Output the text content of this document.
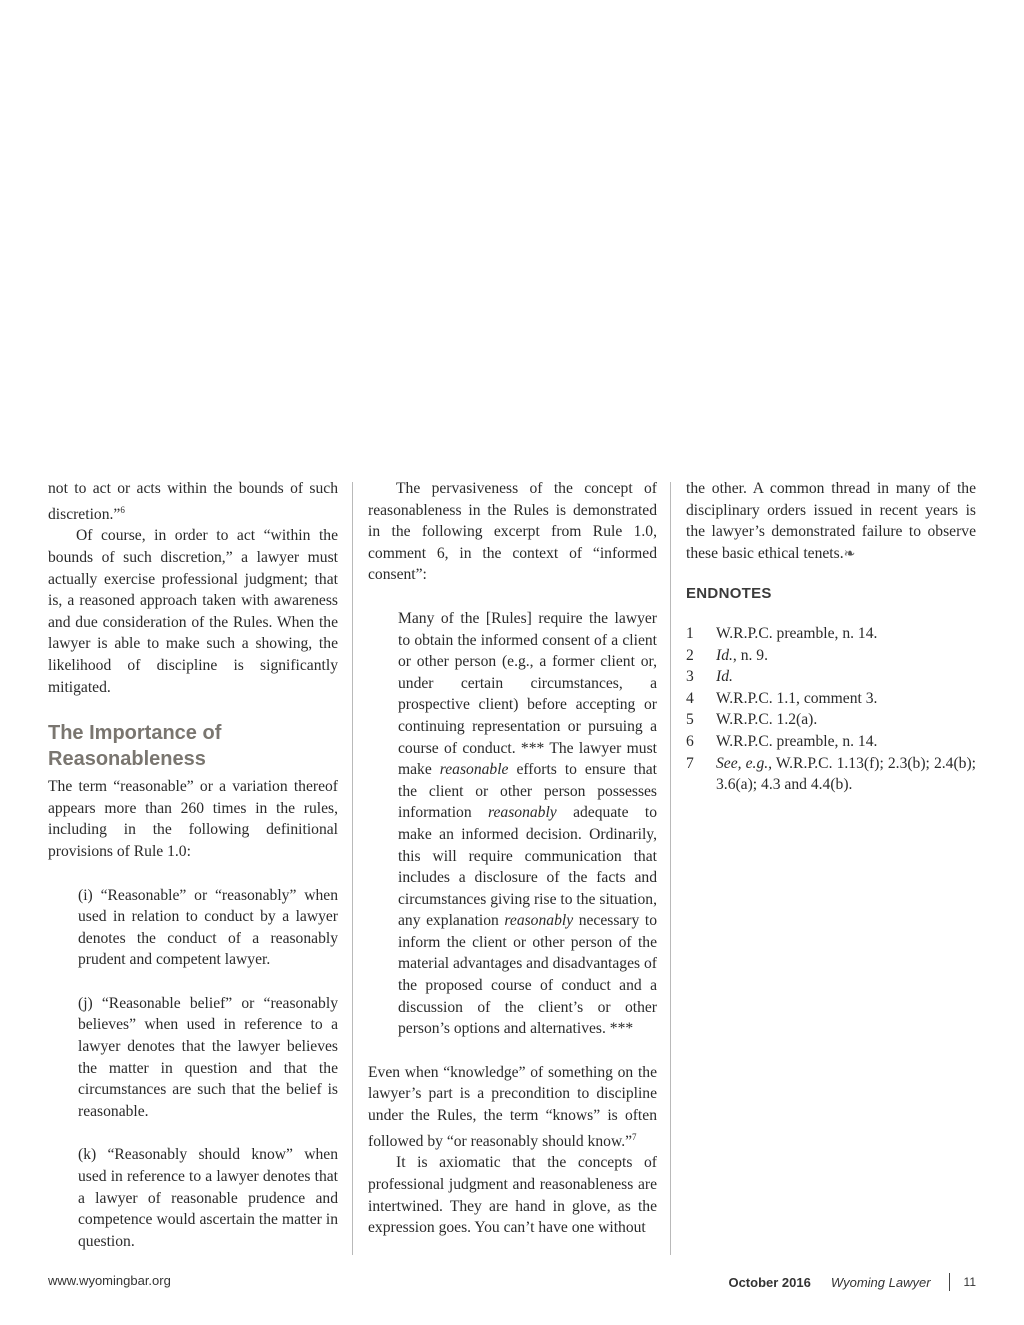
not to act or acts within the bounds of such discretion.”$^6$

Of course, in order to act “within the bounds of such discretion,” a lawyer must actually exercise professional judgment; that is, a reasoned approach taken with awareness and due consideration of the Rules. When the lawyer is able to make such a showing, the likelihood of discipline is significantly mitigated.

The Importance of Reasonableness

The term “reasonable” or a variation thereof appears more than 260 times in the rules, including in the following definitional provisions of Rule 1.0:

(i) “Reasonable” or “reasonably” when used in relation to conduct by a lawyer denotes the conduct of a reasonably prudent and competent lawyer.

(j) “Reasonable belief” or “reasonably believes” when used in reference to a lawyer denotes that the lawyer believes the matter in question and that the circumstances are such that the belief is reasonable.

(k) “Reasonably should know” when used in reference to a lawyer denotes that a lawyer of reasonable prudence and competence would ascertain the matter in question.

The pervasiveness of the concept of reasonableness in the Rules is demonstrated in the following excerpt from Rule 1.0, comment 6, in the context of “informed consent”:

Many of the [Rules] require the lawyer to obtain the informed consent of a client or other person (e.g., a former client or, under certain circumstances, a prospective client) before accepting or continuing representation or pursuing a course of conduct. *** The lawyer must make reasonable efforts to ensure that the client or other person possesses information reasonably adequate to make an informed decision. Ordinarily, this will require communication that includes a disclosure of the facts and circumstances giving rise to the situation, any explanation reasonably necessary to inform the client or other person of the material advantages and disadvantages of the proposed course of conduct and a discussion of the client’s or other person’s options and alternatives. ***

Even when “knowledge” of something on the lawyer’s part is a precondition to discipline under the Rules, the term “knows” is often followed by “or reasonably should know.”$^7$

It is axiomatic that the concepts of professional judgment and reasonableness are intertwined. They are hand in glove, as the expression goes. You can’t have one without

the other. A common thread in many of the disciplinary orders issued in recent years is the lawyer’s demonstrated failure to observe these basic ethical tenets.❧

ENDNOTES
1 W.R.P.C. preamble, n. 14.
2 Id., n. 9.
3 Id.
4 W.R.P.C. 1.1, comment 3.
5 W.R.P.C. 1.2(a).
6 W.R.P.C. preamble, n. 14.
7 See, e.g., W.R.P.C. 1.13(f); 2.3(b); 2.4(b); 3.6(a); 4.3 and 4.4(b).
www.wyomingbar.org	October 2016 Wyoming Lawyer	11
